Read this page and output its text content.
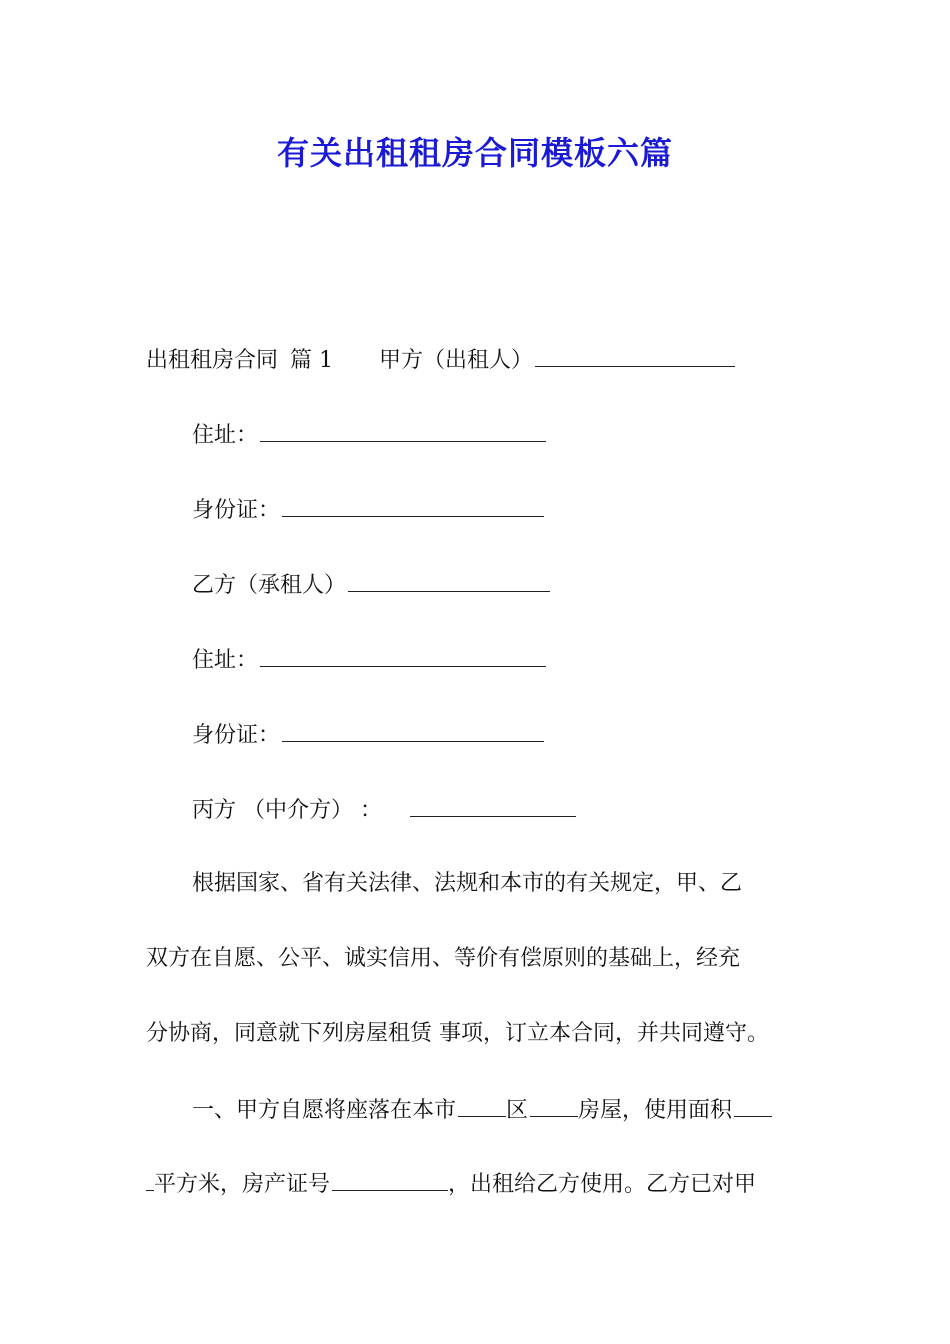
有关出租租房合同模板六篇
出租租房合同 篇 1 甲方（出租人）
住址：
身份证：
乙方（承租人）
住址：
身份证：
丙方 （中介方） ：
根据国家、省有关法律、法规和本市的有关规定，甲、乙
双方在自愿、公平、诚实信用、等价有偿原则的基础上，经充
分协商，同意就下列房屋租赁 事项，订立本合同，并共同遵守。
一、甲方自愿将座落在本市 区 房屋，使用面积
平方米，房产证号	，出租给乙方使用。乙方已对甲
